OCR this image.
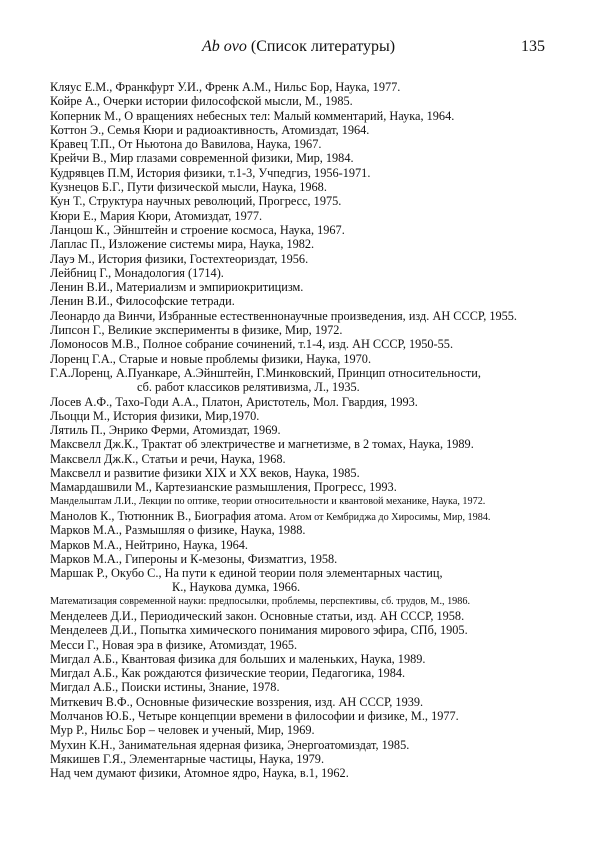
Ab ovo (Список литературы)	135
Кляус Е.М., Франкфурт У.И., Френк А.М., Нильс Бор, Наука, 1977.
Койре А., Очерки истории философской мысли, М., 1985.
Коперник М., О вращениях небесных тел: Малый комментарий, Наука, 1964.
Коттон Э., Семья Кюри и радиоактивность, Атомиздат, 1964.
Кравец Т.П., От Ньютона до Вавилова, Наука, 1967.
Крейчи В., Мир глазами современной физики, Мир, 1984.
Кудрявцев П.М, История физики, т.1-3, Учпедгиз, 1956-1971.
Кузнецов Б.Г., Пути физической мысли, Наука, 1968.
Кун Т., Структура научных революций, Прогресс, 1975.
Кюри Е., Мария Кюри, Атомиздат, 1977.
Ланцош К., Эйнштейн и строение космоса, Наука, 1967.
Лаплас П., Изложение системы мира, Наука, 1982.
Лауэ М., История физики, Гостехтеориздат, 1956.
Лейбниц Г., Монадология (1714).
Ленин В.И., Материализм и эмпириокритицизм.
Ленин В.И., Философские тетради.
Леонардо да Винчи, Избранные естественнонаучные произведения, изд. АН СССР, 1955.
Липсон Г., Великие эксперименты в физике, Мир, 1972.
Ломоносов М.В., Полное собрание сочинений, т.1-4, изд. АН СССР, 1950-55.
Лоренц Г.А., Старые и новые проблемы физики, Наука, 1970.
Г.А.Лоренц, А.Пуанкаре, А.Эйнштейн, Г.Минковский, Принцип относительности,
сб. работ классиков релятивизма, Л., 1935.
Лосев А.Ф., Тахо-Годи А.А., Платон, Аристотель, Мол. Гвардия, 1993.
Льоцци М., История физики, Мир,1970.
Лятиль П., Энрико Ферми, Атомиздат, 1969.
Максвелл Дж.К., Трактат об электричестве и магнетизме, в 2 томах, Наука, 1989.
Максвелл Дж.К., Статьи и речи, Наука, 1968.
Максвелл и развитие физики XIX и XX веков, Наука, 1985.
Мамардашвили М., Картезианские размышления, Прогресс, 1993.
Мандельштам Л.И., Лекции по оптике, теории относительности и квантовой механике, Наука, 1972.
Манолов К., Тютюнник В., Биография атома. Атом от Кембриджа до Хиросимы, Мир, 1984.
Марков М.А., Размышляя о физике, Наука, 1988.
Марков М.А., Нейтрино, Наука, 1964.
Марков М.А., Гипероны и К-мезоны, Физматгиз, 1958.
Маршак Р., Окубо С., На пути к единой теории поля элементарных частиц,
К., Наукова думка, 1966.
Математизация современной науки: предпосылки, проблемы, перспективы, сб. трудов, М., 1986.
Менделеев Д.И., Периодический закон. Основные статьи, изд. АН СССР, 1958.
Менделеев Д.И., Попытка химического понимания мирового эфира, СПб, 1905.
Месси Г., Новая эра в физике, Атомиздат, 1965.
Мигдал А.Б., Квантовая физика для больших и маленьких, Наука, 1989.
Мигдал А.Б., Как рождаются физические теории, Педагогика, 1984.
Мигдал А.Б., Поиски истины, Знание, 1978.
Миткевич В.Ф., Основные физические воззрения, изд. АН СССР, 1939.
Молчанов Ю.Б., Четыре концепции времени в философии и физике, М., 1977.
Мур Р., Нильс Бор – человек и ученый, Мир, 1969.
Мухин К.Н., Занимательная ядерная физика, Энергоатомиздат, 1985.
Мякишев Г.Я., Элементарные частицы, Наука, 1979.
Над чем думают физики, Атомное ядро, Наука, в.1, 1962.
